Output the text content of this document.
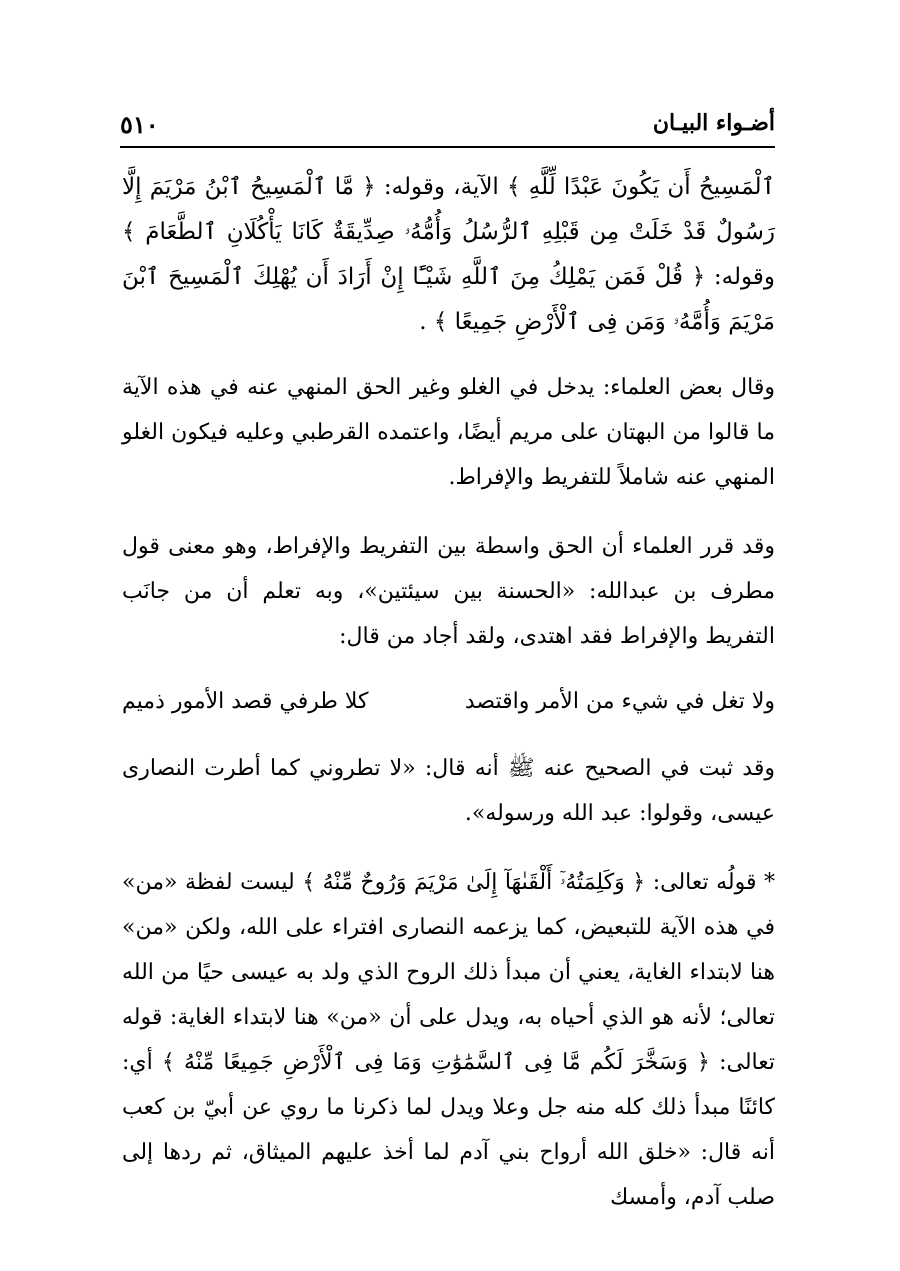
٥١٠	أضـواء البيـان

ٱلْمَسِيحُ أَن يَكُونَ عَبْدًا لِّلَّهِ ﴾ الآية، وقوله: ﴿ مَّا ٱلْمَسِيحُ ٱبْنُ مَرْيَمَ إِلَّا رَسُولٌ قَدْ خَلَتْ مِن قَبْلِهِ ٱلرُّسُلُ وَأُمُّهُۥ صِدِّيقَةٌ كَانَا يَأْكُلَانِ ٱلطَّعَامَ ﴾ وقوله: ﴿ قُلْ فَمَن يَمْلِكُ مِنَ ٱللَّهِ شَيْـًٔا إِنْ أَرَادَ أَن يُهْلِكَ ٱلْمَسِيحَ ٱبْنَ مَرْيَمَ وَأُمَّهُۥ وَمَن فِى ٱلْأَرْضِ جَمِيعًا ﴾ .

وقال بعض العلماء: يدخل في الغلو وغير الحق المنهي عنه في هذه الآية ما قالوا من البهتان على مريم أيضًا، واعتمده القرطبي وعليه فيكون الغلو المنهي عنه شاملاً للتفريط والإفراط.

وقد قرر العلماء أن الحق واسطة بين التفريط والإفراط، وهو معنى قول مطرف بن عبدالله: «الحسنة بين سيئتين»، وبه تعلم أن من جانَب التفريط والإفراط فقد اهتدى، ولقد أجاد من قال:

ولا تغل في شيء من الأمر واقتصد
كلا طرفي قصد الأمور ذميم

وقد ثبت في الصحيح عنه ﷺ أنه قال: «لا تطروني كما أطرت النصارى عيسى، وقولوا: عبد الله ورسوله».

* قولُه تعالى: ﴿ وَكَلِمَتُهُۥٓ أَلْقَىٰهَآ إِلَىٰ مَرْيَمَ وَرُوحٌ مِّنْهُ ﴾ ليست لفظة «من» في هذه الآية للتبعيض، كما يزعمه النصارى افتراء على الله، ولكن «من» هنا لابتداء الغاية، يعني أن مبدأ ذلك الروح الذي ولد به عيسى حيًا من الله تعالى؛ لأنه هو الذي أحياه به، ويدل على أن «من» هنا لابتداء الغاية: قوله تعالى: ﴿ وَسَخَّرَ لَكُم مَّا فِى ٱلسَّمَٰوَٰتِ وَمَا فِى ٱلْأَرْضِ جَمِيعًا مِّنْهُ ﴾ أي: كائنًا مبدأ ذلك كله منه جل وعلا ويدل لما ذكرنا ما روي عن أبيّ بن كعب أنه قال: «خلق الله أرواح بني آدم لما أخذ عليهم الميثاق، ثم ردها إلى صلب آدم، وأمسك
